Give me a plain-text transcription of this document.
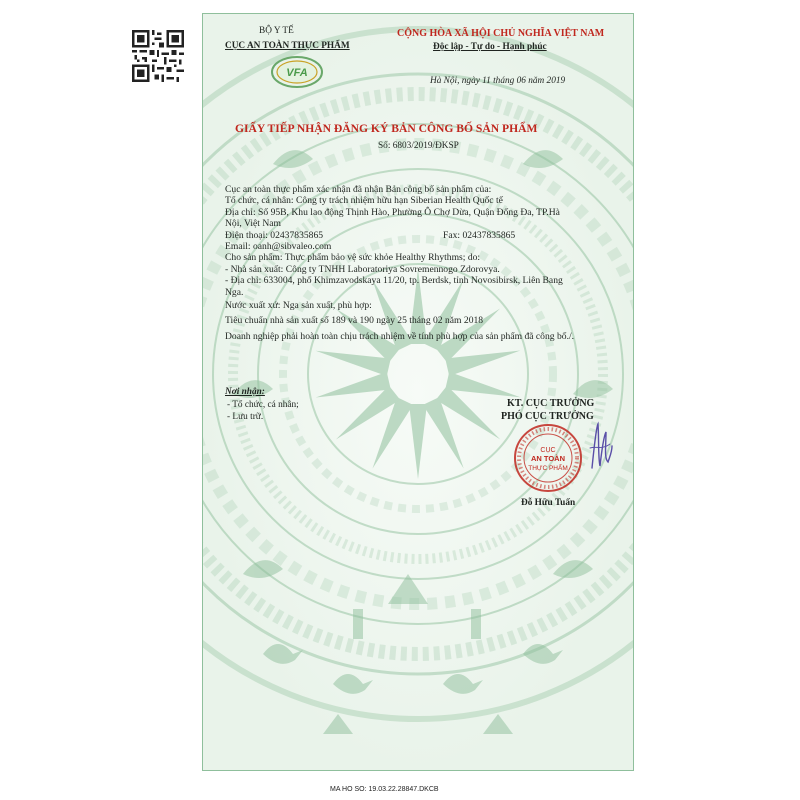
BỘ Y TẾ
CỤC AN TOÀN THỰC PHẨM
VFA
CỘNG HÒA XÃ HỘI CHỦ NGHĨA VIỆT NAM
Độc lập - Tự do - Hạnh phúc
Hà Nội, ngày 11 tháng 06 năm 2019
GIẤY TIẾP NHẬN ĐĂNG KÝ BẢN CÔNG BỐ SẢN PHẨM
Số: 6803/2019/ĐKSP
Cục an toàn thực phẩm xác nhận đã nhận Bản công bố sản phẩm của:
Tổ chức, cá nhân: Công ty trách nhiệm hữu hạn Siberian Health Quốc tế
Địa chỉ: Số 95B, Khu lao động Thịnh Hào, Phường Ô Chợ Dừa, Quận Đống Đa, TP.Hà
Nội, Việt Nam
Điện thoại: 02437835865	Fax: 02437835865
Email: oanh@sibvaleo.com
Cho sản phẩm: Thực phẩm bảo vệ sức khỏe Healthy Rhythms; do:
- Nhà sản xuất: Công ty TNHH Laboratoriya Sovremennogo Zdorovya.
- Địa chỉ: 633004, phố Khimzavodskaya 11/20, tp. Berdsk, tỉnh Novosibirsk, Liên Bang
Nga.
Nước xuất xứ: Nga sản xuất, phù hợp:
Tiêu chuẩn nhà sản xuất số 189 và 190 ngày 25 tháng 02 năm 2018
Doanh nghiệp phải hoàn toàn chịu trách nhiệm về tính phù hợp của sản phẩm đã công bố./.
Nơi nhận:
- Tổ chức, cá nhân;
- Lưu trữ.
KT. CỤC TRƯỞNG
PHÓ CỤC TRƯỞNG
Đỗ Hữu Tuấn
CỤC
AN TOÀN
THỰC PHẨM
MA HO SO: 19.03.22.28847.DKCB
